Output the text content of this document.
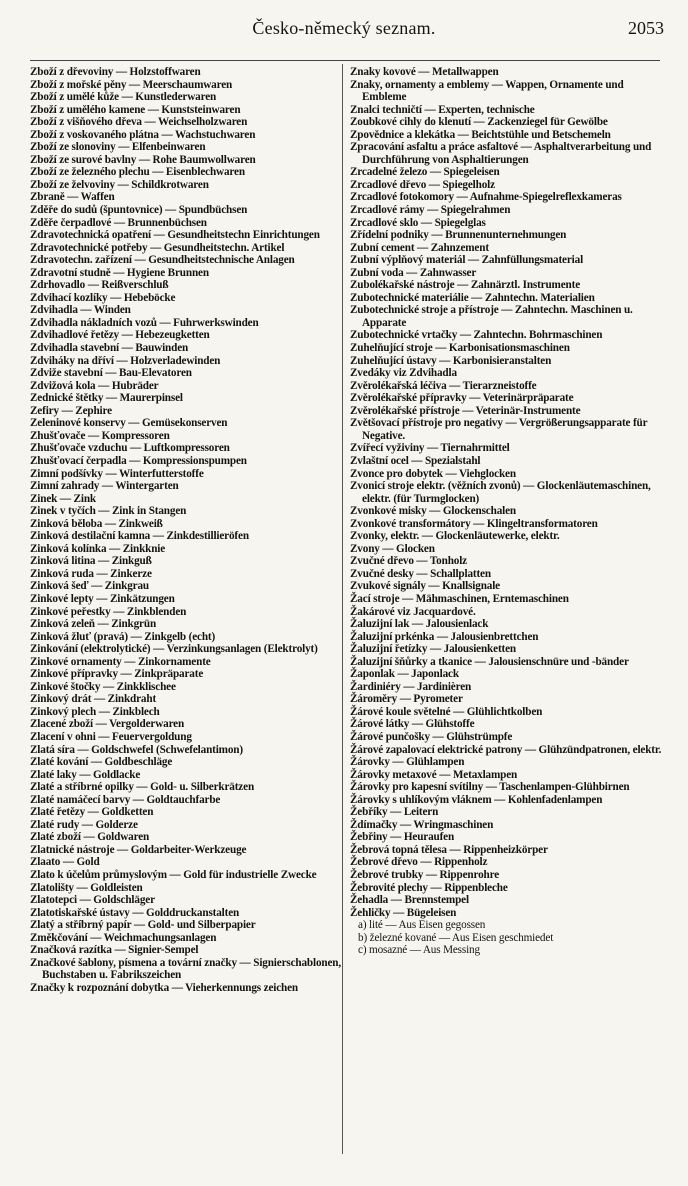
Česko-německý seznam.	2053
Zboží z dřevoviny — Holzstoffwaren
Zboží z mořské pěny — Meerschaumwaren
Zboží z umělé kůže — Kunstlederwaren
Zboží z umělého kamene — Kunststeinwaren
Zboží z višňového dřeva — Weichselholzwaren
Zboží z voskovaného plátna — Wachstuchwaren
Zboží ze slonoviny — Elfenbeinwaren
Zboží ze surové bavlny — Rohe Baumwollwaren
Zboží ze železného plechu — Eisenblechwaren
Zboží ze želvoviny — Schildkrotwaren
Zbraně — Waffen
Zděře do sudů (špuntovnice) — Spundbüchsen
Zděře čerpadlové — Brunnenbüchsen
Zdravotechnická opatření — Gesundheitstechn Einrichtungen
Zdravotechnické potřeby — Gesundheitstechn. Artikel
Zdravotechn. zařízení — Gesundheitstechnische Anlagen
Zdravotní studně — Hygiene Brunnen
Zdrhovadlo — Reißverschluß
Zdvihací kozlíky — Hebeböcke
Zdvihadla — Winden
Zdvihadla nákladních vozů — Fuhrwerkswinden
Zdvihadlové řetězy — Hebezeugketten
Zdvihadla stavební — Bauwinden
Zdviháky na dříví — Holzverladewinden
Zdviže stavební — Bau-Elevatoren
Zdvižová kola — Hubräder
Zednické štětky — Maurerpinsel
Zefiry — Zephire
Zeleninové konservy — Gemüsekonserven
Zhušťovače — Kompressoren
Zhušťovače vzduchu — Luftkompressoren
Zhušťovací čerpadla — Kompressionspumpen
Zimní podšívky — Winterfutterstoffe
Zimní zahrady — Wintergarten
Zinek — Zink
Zinek v tyčích — Zink in Stangen
Zinková běloba — Zinkweiß
Zinková destilační kamna — Zinkdestillieröfen
Zinková kolínka — Zinkknie
Zinková litina — Zinkguß
Zinková ruda — Zinkerze
Zinková šeď — Zinkgrau
Zinkové lepty — Zinkätzungen
Zinkové peřestky — Zinkblenden
Zinková zeleň — Zinkgrün
Zinková žluť (pravá) — Zinkgelb (echt)
Zinkování (elektrolytické) — Verzinkungsanlagen (Elektrolyt)
Zinkové ornamenty — Zinkornamente
Zinkové přípravky — Zinkpräparate
Zinkové štočky — Zinkklischee
Zinkový drát — Zinkdraht
Zinkový plech — Zinkblech
Zlacené zboží — Vergolderwaren
Zlacení v ohni — Feuervergoldung
Zlatá síra — Goldschwefel (Schwefelantimon)
Zlaté kování — Goldbeschläge
Zlaté laky — Goldlacke
Zlaté a stříbrné opilky — Gold- u. Silberkrätzen
Zlaté namáčecí barvy — Goldtauchfarbe
Zlaté řetězy — Goldketten
Zlaté rudy — Golderze
Zlaté zboží — Goldwaren
Zlatnické nástroje — Goldarbeiter-Werkzeuge
Zlaato — Gold
Zlato k účelům průmyslovým — Gold für industrielle Zwecke
Zlatolišty — Goldleisten
Zlatotepci — Goldschläger
Zlatotiskařské ústavy — Golddruckanstalten
Zlatý a stříbrný papír — Gold- und Silberpapier
Změkčování — Weichmachungsanlagen
Značková razítka — Signier-Sempel
Značkové šablony, písmena a tovární značky — Signierschablonen, Buchstaben u. Fabrikszeichen
Značky k rozpoznání dobytka — Vieherkennungs zeichen
Znaky kovové — Metallwappen
Znaky, ornamenty a emblemy — Wappen, Ornamente und Embleme
Znalci techničtí — Experten, technische
Zoubkové cihly do klenutí — Zackenziegel für Gewölbe
Zpovědnice a klekátka — Beichtstühle und Betschemeln
Zpracování asfaltu a práce asfaltové — Asphaltverarbeitung und Durchführung von Asphaltierungen
Zrcadelné železo — Spiegeleisen
Zrcadlové dřevo — Spiegelholz
Zrcadlové fotokomory — Aufnahme-Spiegelreflexkameras
Zrcadlové rámy — Spiegelrahmen
Zrcadlové sklo — Spiegelglas
Zřídelní podniky — Brunnenunternehmungen
Zubní cement — Zahnzement
Zubní výplňový materiál — Zahnfüllungsmaterial
Zubní voda — Zahnwasser
Zubolékařské nástroje — Zahnärztl. Instrumente
Zubotechnické materiálie — Zahntechn. Materialien
Zubotechnické stroje a přístroje — Zahntechn. Maschinen u. Apparate
Zubotechnické vrtačky — Zahntechn. Bohrmaschinen
Zuhelňující stroje — Karbonisationsmaschinen
Zuhelňující ústavy — Karbonisieranstalten
Zvedáky viz Zdvihadla
Zvěrolékařská léčiva — Tierarzneistoffe
Zvěrolékařské přípravky — Veterinärpräparate
Zvěrolékařské přístroje — Veterinär-Instrumente
Zvětšovací přístroje pro negativy — Vergrößerungsapparate für Negative.
Zvířecí vyživiny — Tiernahrmittel
Zvlaštní ocel — Spezialstahl
Zvonce pro dobytek — Viehglocken
Zvonicí stroje elektr. (věžních zvonů) — Glockenläutemaschinen, elektr. (für Turmglocken)
Zvonkové misky — Glockenschalen
Zvonkové transformátory — Klingeltransformatoren
Zvonky, elektr. — Glockenläutewerke, elektr.
Zvony — Glocken
Zvučné dřevo — Tonholz
Zvučné desky — Schallplatten
Zvukové signály — Knallsignale
Žací stroje — Mähmaschinen, Erntemaschinen
Žakárové viz Jacquardové.
Žaluzijní lak — Jalousienlack
Žaluzijní prkénka — Jalousienbrettchen
Žaluzijní řetízky — Jalousienketten
Žaluzijní šňůrky a tkanice — Jalousienschnüre und -bänder
Žaponlak — Japonlack
Žardiniéry — Jardinièren
Žároměry — Pyrometer
Žárové koule světelné — Glühlichtkolben
Žárové látky — Glühstoffe
Žárové punčošky — Glühstrümpfe
Žárové zapalovací elektrické patrony — Glühzündpatronen, elektr.
Žárovky — Glühlampen
Žárovky metaxové — Metaxlampen
Žárovky pro kapesní svítilny — Taschenlampen-Glühbirnen
Žárovky s uhlíkovým vláknem — Kohlenfadenlampen
Žebříky — Leitern
Ždímačky — Wringmaschinen
Žebřiny — Heuraufen
Žebrová topná tělesa — Rippenheizkörper
Žebrové dřevo — Rippenholz
Žebrové trubky — Rippenrohre
Žebrovité plechy — Rippenbleche
Žehadla — Brennstempel
Žehličky — Bügeleisen
a) lité — Aus Eisen gegossen
b) železné kované — Aus Eisen geschmiedet
c) mosazné — Aus Messing
